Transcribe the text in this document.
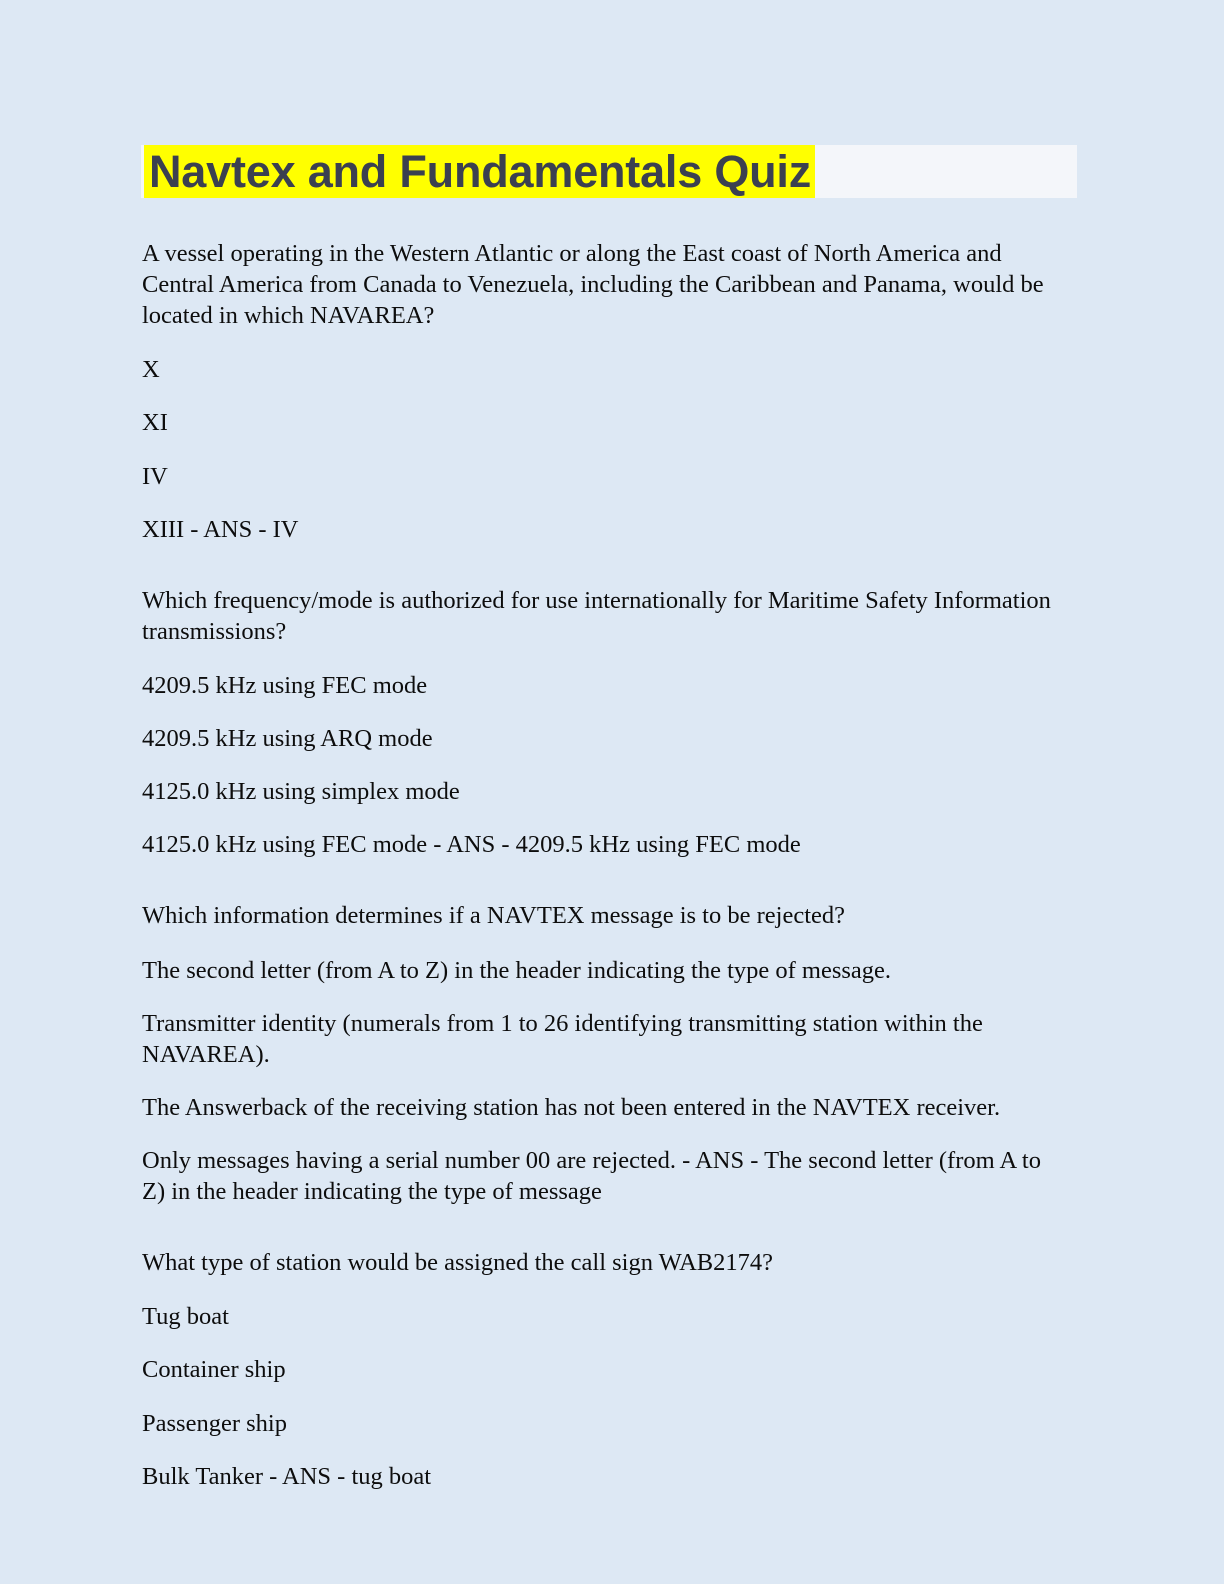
Navtex and Fundamentals Quiz

A vessel operating in the Western Atlantic or along the East coast of North America and Central America from Canada to Venezuela, including the Caribbean and Panama, would be located in which NAVAREA?

X

XI

IV

XIII - ANS - IV

Which frequency/mode is authorized for use internationally for Maritime Safety Information transmissions?

4209.5 kHz using FEC mode

4209.5 kHz using ARQ mode

4125.0 kHz using simplex mode

4125.0 kHz using FEC mode - ANS - 4209.5 kHz using FEC mode

Which information determines if a NAVTEX message is to be rejected?

The second letter (from A to Z) in the header indicating the type of message.

Transmitter identity (numerals from 1 to 26 identifying transmitting station within the NAVAREA).

The Answerback of the receiving station has not been entered in the NAVTEX receiver.

Only messages having a serial number 00 are rejected. - ANS - The second letter (from A to Z) in the header indicating the type of message

What type of station would be assigned the call sign WAB2174?

Tug boat

Container ship

Passenger ship

Bulk Tanker - ANS - tug boat
